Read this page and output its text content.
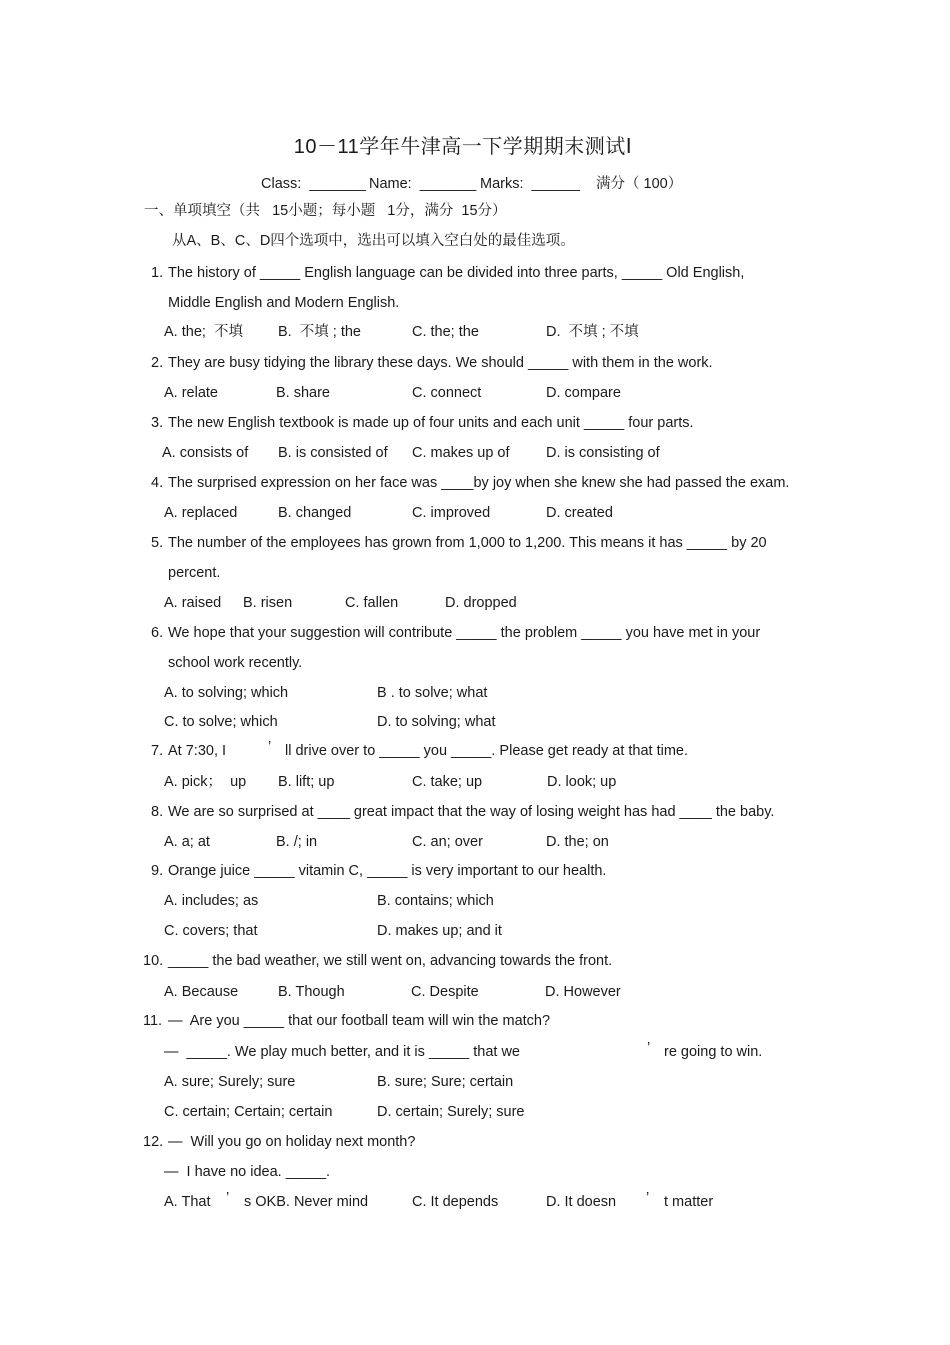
10－11学年牛津高一下学期期末测试Ⅰ
Class:  _______ Name:  _______ Marks:  ______ 满分（ 100）
一、单项填空（共   15小题；每小题   1分，满分  15分）
从A、B、C、D四个选项中，选出可以填入空白处的最佳选项。
1. The history of _____ English language can be divided into three parts, _____ Old English,
Middle English and Modern English.
A. the;  不填 B.  不填 ; the	C. the; the	D.  不填 ; 不填
2. They are busy tidying the library these days. We should _____ with them in the work.
A. relate	B. share	C. connect	D. compare
3. The new English textbook is made up of four units and each unit _____ four parts.
A. consists of B. is consisted of C. makes up of	D. is consisting of
4. The surprised expression on her face was ____by joy when she knew she had passed the exam.
A. replaced	B. changed	C. improved	D. created
5. The number of the employees has grown from 1,000 to 1,200. This means it has _____ by 20
percent.
A. raised B. risen	C. fallen	D. dropped
6. We hope that your suggestion will contribute _____ the problem _____ you have met in your
school work recently.
A. to solving; which	B . to solve; what
C. to solve; which	D. to solving; what
7. At 7:30, I	’ ll drive over to _____ you _____. Please get ready at that time.
A. pick；  up B. lift; up	C. take; up	D. look; up
8. We are so surprised at ____ great impact that the way of losing weight has had ____ the baby.
A. a; at	B. /; in	C. an; over	D. the; on
9. Orange juice _____ vitamin C, _____ is very important to our health.
A. includes; as	B. contains; which
C. covers; that	D. makes up; and it
10. _____ the bad weather, we still went on, advancing towards the front.
A. Because	B. Though	C. Despite	D. However
11. —  Are you _____ that our football team will win the match?
—  _____. We play much better, and it is _____ that we	’ re going to win.
A. sure; Surely; sure	B. sure; Sure; certain
C. certain; Certain; certain	D. certain; Surely; sure
12. —  Will you go on holiday next month?
—  I have no idea. _____.
A. That ’ s OKB. Never mind	C. It depends	D. It doesn ’ t matter
